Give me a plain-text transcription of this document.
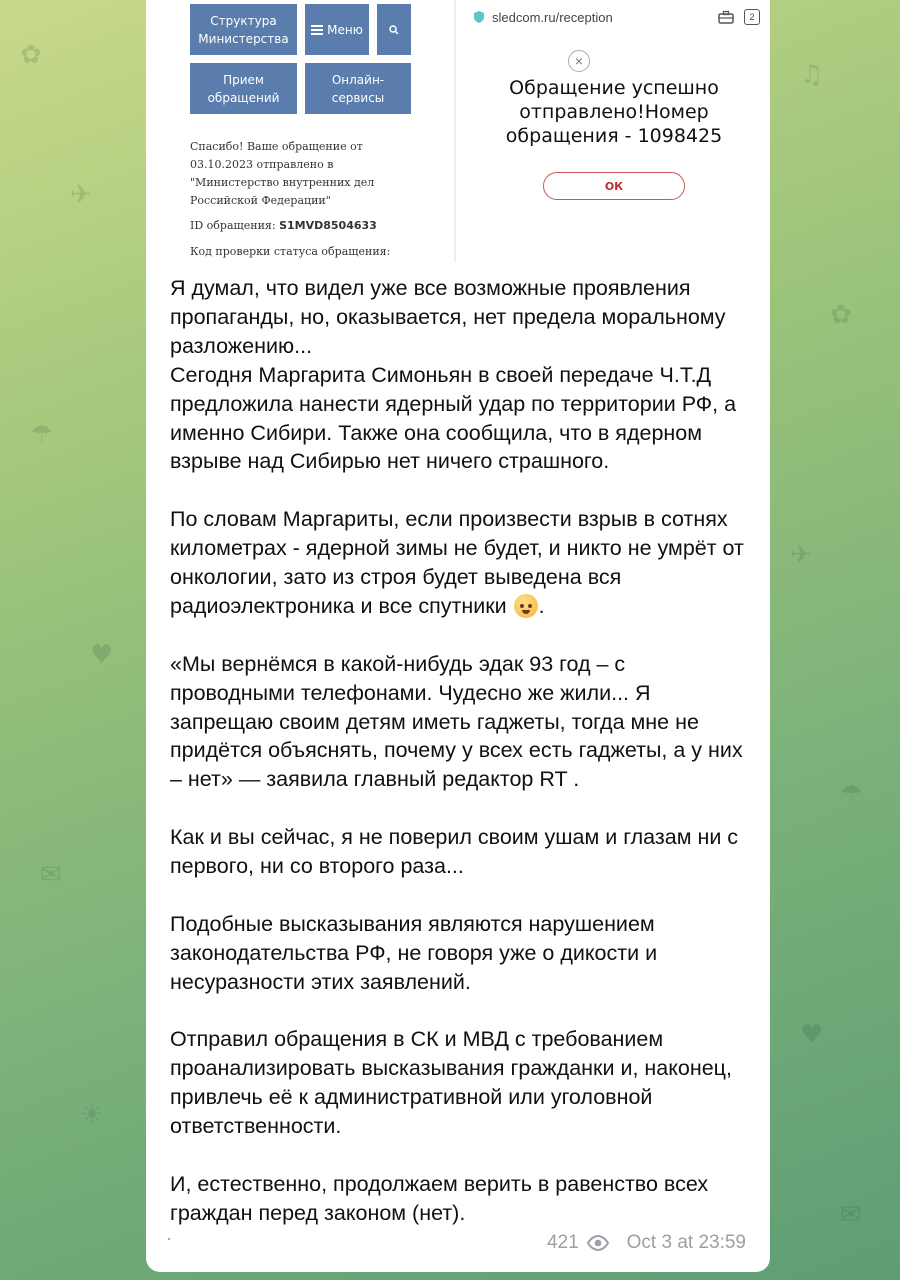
✿
✈
☂
♥
✉
☀
♫
✿
✈
☂
♥
✉
Структура Министерства
Меню
Прием обращений
Онлайн-сервисы
Спасибо! Ваше обращение от
03.10.2023 отправлено в
"Министерство внутренних дел
Российской Федерации"
ID обращения: S1MVD8504633
Код проверки статуса обращения:
sledcom.ru/reception	2
×
Обращение успешно отправлено!Номер обращения - 1098425
ОК

Я думал, что видел уже все возможные проявления пропаганды, но, оказывается, нет предела моральному разложению...
Сегодня Маргарита Симоньян в своей передаче Ч.Т.Д предложила нанести ядерный удар по территории РФ, а именно Сибири. Также она сообщила, что в ядерном взрыве над Сибирью нет ничего страшного.

По словам Маргариты, если произвести взрыв в сотнях километрах - ядерной зимы не будет, и никто не умрёт от онкологии, зато из строя будет выведена вся радиоэлектроника и все спутники .

«Мы вернёмся в какой-нибудь эдак 93 год – с проводными телефонами. Чудесно же жили... Я запрещаю своим детям иметь гаджеты, тогда мне не придётся объяснять, почему у всех есть гаджеты, а у них – нет» — заявила главный редактор RT .

Как и вы сейчас, я не поверил своим ушам и глазам ни с первого, ни со второго раза...

Подобные высказывания являются нарушением законодательства РФ, не говоря уже о дикости и несуразности этих заявлений.

Отправил обращения в СК и МВД с требованием проанализировать высказывания гражданки и, наконец, привлечь её к административной или уголовной ответственности.

И, естественно, продолжаем верить в равенство всех граждан перед законом (нет).

421	Oct 3 at 23:59
